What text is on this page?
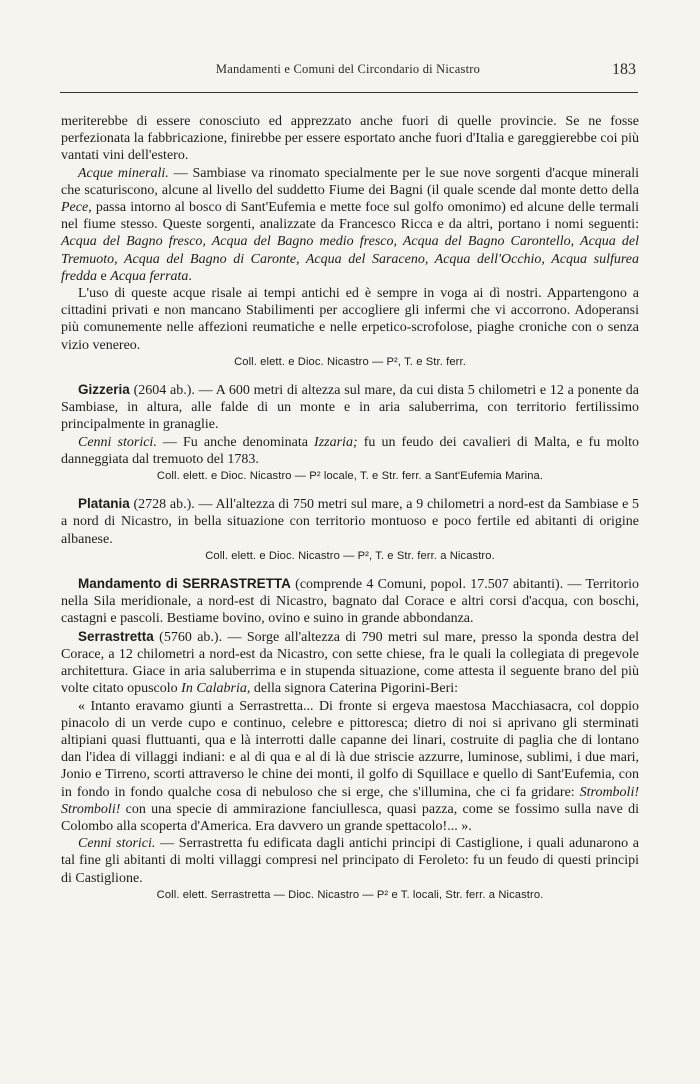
Mandamenti e Comuni del Circondario di Nicastro	183

meriterebbe di essere conosciuto ed apprezzato anche fuori di quelle provincie. Se ne fosse perfezionata la fabbricazione, finirebbe per essere esportato anche fuori d'Italia e gareggierebbe coi più vantati vini dell'estero.

Acque minerali. — Sambiase va rinomato specialmente per le sue nove sorgenti d'acque minerali che scaturiscono, alcune al livello del suddetto Fiume dei Bagni (il quale scende dal monte detto della Pece, passa intorno al bosco di Sant'Eufemia e mette foce sul golfo omonimo) ed alcune delle termali nel fiume stesso. Queste sorgenti, analizzate da Francesco Ricca e da altri, portano i nomi seguenti: Acqua del Bagno fresco, Acqua del Bagno medio fresco, Acqua del Bagno Carontello, Acqua del Tremuoto, Acqua del Bagno di Caronte, Acqua del Saraceno, Acqua dell'Occhio, Acqua sulfurea fredda e Acqua ferrata.

L'uso di queste acque risale ai tempi antichi ed è sempre in voga ai dì nostri. Appartengono a cittadini privati e non mancano Stabilimenti per accogliere gli infermi che vi accorrono. Adoperansi più comunemente nelle affezioni reumatiche e nelle erpetico-scrofolose, piaghe croniche con o senza vizio venereo.

Coll. elett. e Dioc. Nicastro — P², T. e Str. ferr.

Gizzeria (2604 ab.). — A 600 metri di altezza sul mare, da cui dista 5 chilometri e 12 a ponente da Sambiase, in altura, alle falde di un monte e in aria saluberrima, con territorio fertilissimo principalmente in granaglie.

Cenni storici. — Fu anche denominata Izzaria; fu un feudo dei cavalieri di Malta, e fu molto danneggiata dal tremuoto del 1783.

Coll. elett. e Dioc. Nicastro — P² locale, T. e Str. ferr. a Sant'Eufemia Marina.

Platania (2728 ab.). — All'altezza di 750 metri sul mare, a 9 chilometri a nord-est da Sambiase e 5 a nord di Nicastro, in bella situazione con territorio montuoso e poco fertile ed abitanti di origine albanese.

Coll. elett. e Dioc. Nicastro — P², T. e Str. ferr. a Nicastro.

Mandamento di SERRASTRETTA (comprende 4 Comuni, popol. 17.507 abitanti). — Territorio nella Sila meridionale, a nord-est di Nicastro, bagnato dal Corace e altri corsi d'acqua, con boschi, castagni e pascoli. Bestiame bovino, ovino e suino in grande abbondanza.

Serrastretta (5760 ab.). — Sorge all'altezza di 790 metri sul mare, presso la sponda destra del Corace, a 12 chilometri a nord-est da Nicastro, con sette chiese, fra le quali la collegiata di pregevole architettura. Giace in aria saluberrima e in stupenda situazione, come attesta il seguente brano del più volte citato opuscolo In Calabria, della signora Caterina Pigorini-Beri:

« Intanto eravamo giunti a Serrastretta... Di fronte si ergeva maestosa Macchiasacra, col doppio pinacolo di un verde cupo e continuo, celebre e pittoresca; dietro di noi si aprivano gli sterminati altipiani quasi fluttuanti, qua e là interrotti dalle capanne dei linari, costruite di paglia che di lontano dan l'idea di villaggi indiani: e al di qua e al di là due striscie azzurre, luminose, sublimi, i due mari, Jonio e Tirreno, scorti attraverso le chine dei monti, il golfo di Squillace e quello di Sant'Eufemia, con in fondo in fondo qualche cosa di nebuloso che si erge, che s'illumina, che ci fa gridare: Stromboli! Stromboli! con una specie di ammirazione fanciullesca, quasi pazza, come se fossimo sulla nave di Colombo alla scoperta d'America. Era davvero un grande spettacolo!... ».

Cenni storici. — Serrastretta fu edificata dagli antichi principi di Castiglione, i quali adunarono a tal fine gli abitanti di molti villaggi compresi nel principato di Feroleto: fu un feudo di questi principi di Castiglione.

Coll. elett. Serrastretta — Dioc. Nicastro — P² e T. locali, Str. ferr. a Nicastro.
